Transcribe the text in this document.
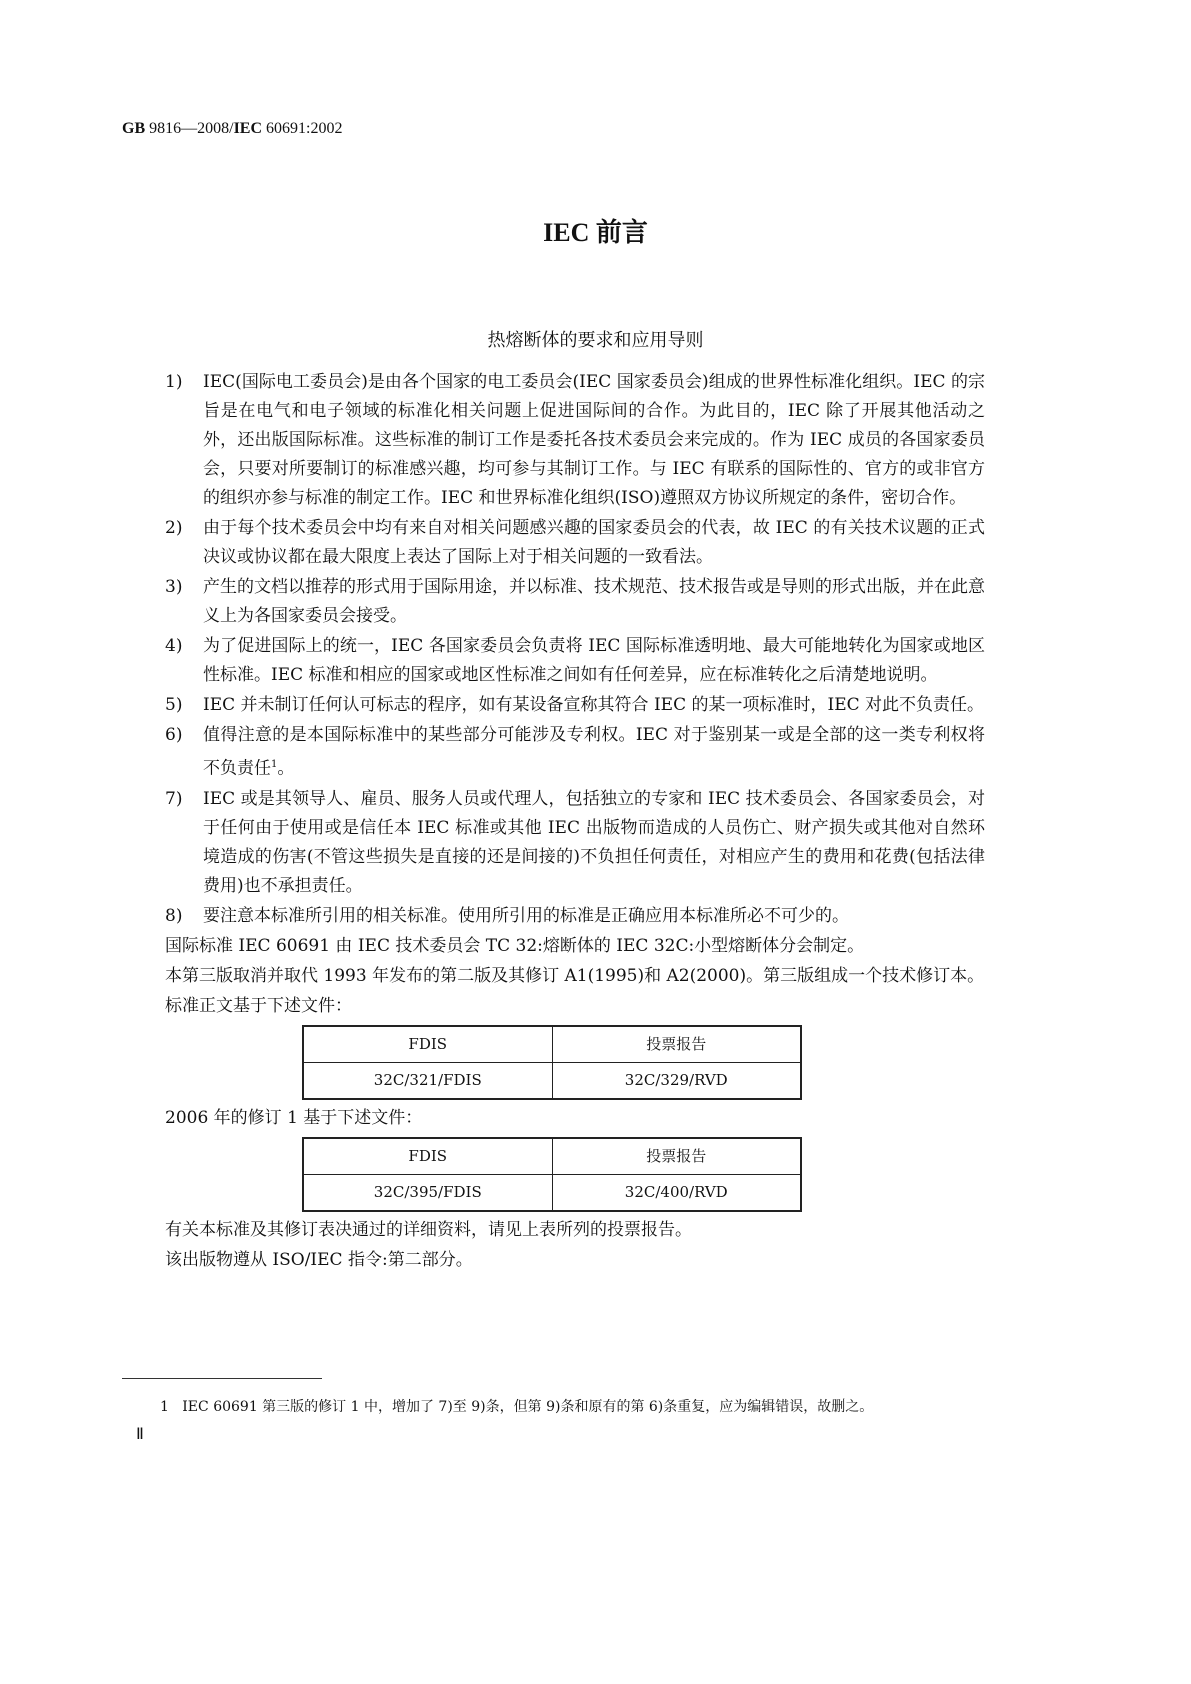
GB 9816—2008/IEC 60691:2002
IEC 前言
热熔断体的要求和应用导则
1) IEC(国际电工委员会)是由各个国家的电工委员会(IEC 国家委员会)组成的世界性标准化组织。IEC 的宗旨是在电气和电子领域的标准化相关问题上促进国际间的合作。为此目的，IEC 除了开展其他活动之外，还出版国际标准。这些标准的制订工作是委托各技术委员会来完成的。作为 IEC 成员的各国家委员会，只要对所要制订的标准感兴趣，均可参与其制订工作。与 IEC 有联系的国际性的、官方的或非官方的组织亦参与标准的制定工作。IEC 和世界标准化组织(ISO)遵照双方协议所规定的条件，密切合作。
2) 由于每个技术委员会中均有来自对相关问题感兴趣的国家委员会的代表，故 IEC 的有关技术议题的正式决议或协议都在最大限度上表达了国际上对于相关问题的一致看法。
3) 产生的文档以推荐的形式用于国际用途，并以标准、技术规范、技术报告或是导则的形式出版，并在此意义上为各国家委员会接受。
4) 为了促进国际上的统一，IEC 各国家委员会负责将 IEC 国际标准透明地、最大可能地转化为国家或地区性标准。IEC 标准和相应的国家或地区性标准之间如有任何差异，应在标准转化之后清楚地说明。
5) IEC 并未制订任何认可标志的程序，如有某设备宣称其符合 IEC 的某一项标准时，IEC 对此不负责任。
6) 值得注意的是本国际标准中的某些部分可能涉及专利权。IEC 对于鉴别某一或是全部的这一类专利权将不负责任$^1$。
7) IEC 或是其领导人、雇员、服务人员或代理人，包括独立的专家和 IEC 技术委员会、各国家委员会，对于任何由于使用或是信任本 IEC 标准或其他 IEC 出版物而造成的人员伤亡、财产损失或其他对自然环境造成的伤害(不管这些损失是直接的还是间接的)不负担任何责任，对相应产生的费用和花费(包括法律费用)也不承担责任。
8) 要注意本标准所引用的相关标准。使用所引用的标准是正确应用本标准所必不可少的。
国际标准 IEC 60691 由 IEC 技术委员会 TC 32:熔断体的 IEC 32C:小型熔断体分会制定。
本第三版取消并取代 1993 年发布的第二版及其修订 A1(1995)和 A2(2000)。第三版组成一个技术修订本。
标准正文基于下述文件：
FDIS	投票报告
32C/321/FDIS	32C/329/RVD
2006 年的修订 1 基于下述文件：
FDIS	投票报告
32C/395/FDIS	32C/400/RVD
有关本标准及其修订表决通过的详细资料，请见上表所列的投票报告。
该出版物遵从 ISO/IEC 指令:第二部分。
1 IEC 60691 第三版的修订 1 中，增加了 7)至 9)条，但第 9)条和原有的第 6)条重复，应为编辑错误，故删之。
Ⅱ
